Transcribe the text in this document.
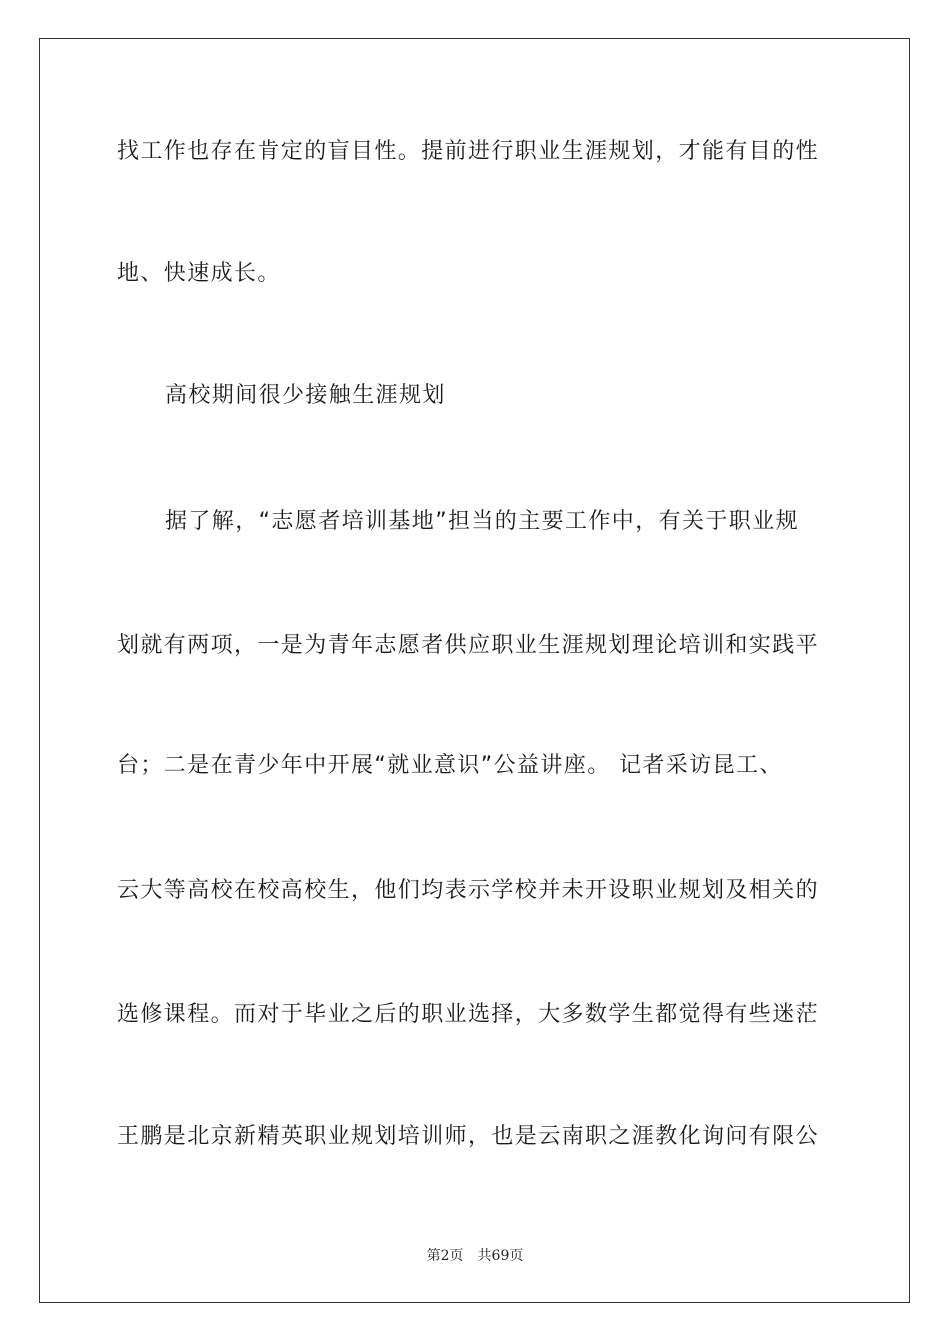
找工作也存在肯定的盲目性。提前进行职业生涯规划，才能有目的性
地、快速成长。
高校期间很少接触生涯规划
据了解，“志愿者培训基地”担当的主要工作中，有关于职业规
划就有两项，一是为青年志愿者供应职业生涯规划理论培训和实践平
台；二是在青少年中开展“就业意识”公益讲座。 记者采访昆工、
云大等高校在校高校生，他们均表示学校并未开设职业规划及相关的
选修课程。而对于毕业之后的职业选择，大多数学生都觉得有些迷茫
王鹏是北京新精英职业规划培训师，也是云南职之涯教化询问有限公
第2页 共69页
